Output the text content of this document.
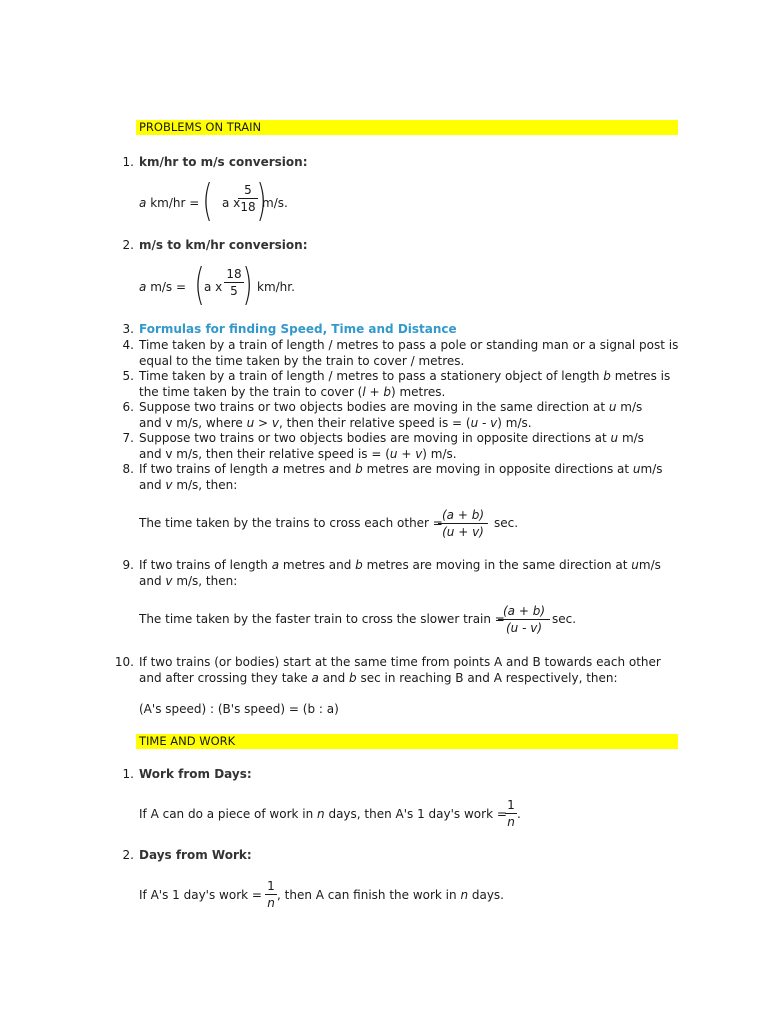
PROBLEMS ON TRAIN
1. km/hr to m/s conversion:
a km/hr = ( a x
5
18 )
m/s.
2. m/s to km/hr conversion:
a m/s = ( a x
18
5 ) km/hr.
3. Formulas for finding Speed, Time and Distance
4. Time taken by a train of length / metres to pass a pole or standing man or a signal post is
equal to the time taken by the train to cover / metres.
5. Time taken by a train of length / metres to pass a stationery object of length b metres is
the time taken by the train to cover (l + b) metres.
6. Suppose two trains or two objects bodies are moving in the same direction at u m/s
and v m/s, where u > v, then their relative speed is = (u - v) m/s.
7. Suppose two trains or two objects bodies are moving in opposite directions at u m/s
and v m/s, then their relative speed is = (u + v) m/s.
8. If two trains of length a metres and b metres are moving in opposite directions at um/s
and v m/s, then:
The time taken by the trains to cross each other =
(a + b)
(u + v)
sec.
9. If two trains of length a metres and b metres are moving in the same direction at um/s
and v m/s, then:
The time taken by the faster train to cross the slower train =
(a + b)
(u - v)
sec.
10. If two trains (or bodies) start at the same time from points A and B towards each other
and after crossing they take a and b sec in reaching B and A respectively, then:
(A's speed) : (B's speed) = (b : a)
TIME AND WORK
1. Work from Days:
If A can do a piece of work in n days, then A's 1 day's work =
1
n
.
2. Days from Work:
If A's 1 day's work =
1
n
, then A can finish the work in n days.
